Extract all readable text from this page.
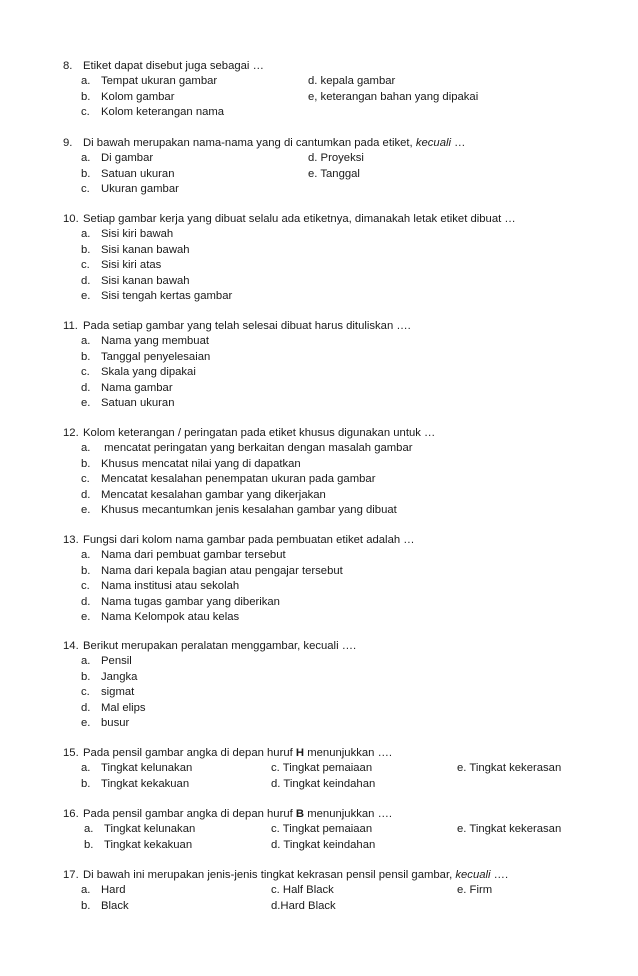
8. Etiket dapat disebut juga sebagai …
a. Tempat ukuran gambar	d. kepala gambar
b. Kolom gambar	e, keterangan bahan yang dipakai
c. Kolom keterangan nama
9. Di bawah merupakan nama-nama yang di cantumkan pada etiket, kecuali …
a. Di gambar	d. Proyeksi
b. Satuan ukuran	e. Tanggal
c. Ukuran gambar
10. Setiap gambar kerja yang dibuat selalu ada etiketnya, dimanakah letak etiket dibuat …
a. Sisi kiri bawah
b. Sisi kanan bawah
c. Sisi kiri atas
d. Sisi kanan bawah
e. Sisi tengah kertas gambar
11. Pada setiap gambar yang telah selesai dibuat harus dituliskan ….
a. Nama yang membuat
b. Tanggal penyelesaian
c. Skala yang dipakai
d. Nama gambar
e. Satuan ukuran
12. Kolom keterangan / peringatan pada etiket khusus digunakan untuk …
a. mencatat peringatan yang berkaitan dengan masalah gambar
b. Khusus mencatat nilai yang di dapatkan
c. Mencatat kesalahan penempatan ukuran pada gambar
d. Mencatat kesalahan gambar yang dikerjakan
e. Khusus mecantumkan jenis kesalahan gambar yang dibuat
13. Fungsi dari kolom nama gambar pada pembuatan etiket adalah …
a. Nama dari pembuat gambar tersebut
b. Nama dari kepala bagian atau pengajar tersebut
c. Nama institusi atau sekolah
d. Nama tugas gambar yang diberikan
e. Nama Kelompok atau kelas
14. Berikut merupakan peralatan menggambar, kecuali ….
a. Pensil
b. Jangka
c. sigmat
d. Mal elips
e. busur
15. Pada pensil gambar angka di depan huruf H menunjukkan ….
a. Tingkat kelunakan	c. Tingkat pemaiaan	e. Tingkat kekerasan
b. Tingkat kekakuan	d. Tingkat keindahan
16. Pada pensil gambar angka di depan huruf B menunjukkan ….
a. Tingkat kelunakan	c. Tingkat pemaiaan	e. Tingkat kekerasan
b. Tingkat kekakuan	d. Tingkat keindahan
17. Di bawah ini merupakan jenis-jenis tingkat kekrasan pensil pensil gambar, kecuali ….
a. Hard	c. Half Black	e. Firm
b. Black	d.Hard Black
